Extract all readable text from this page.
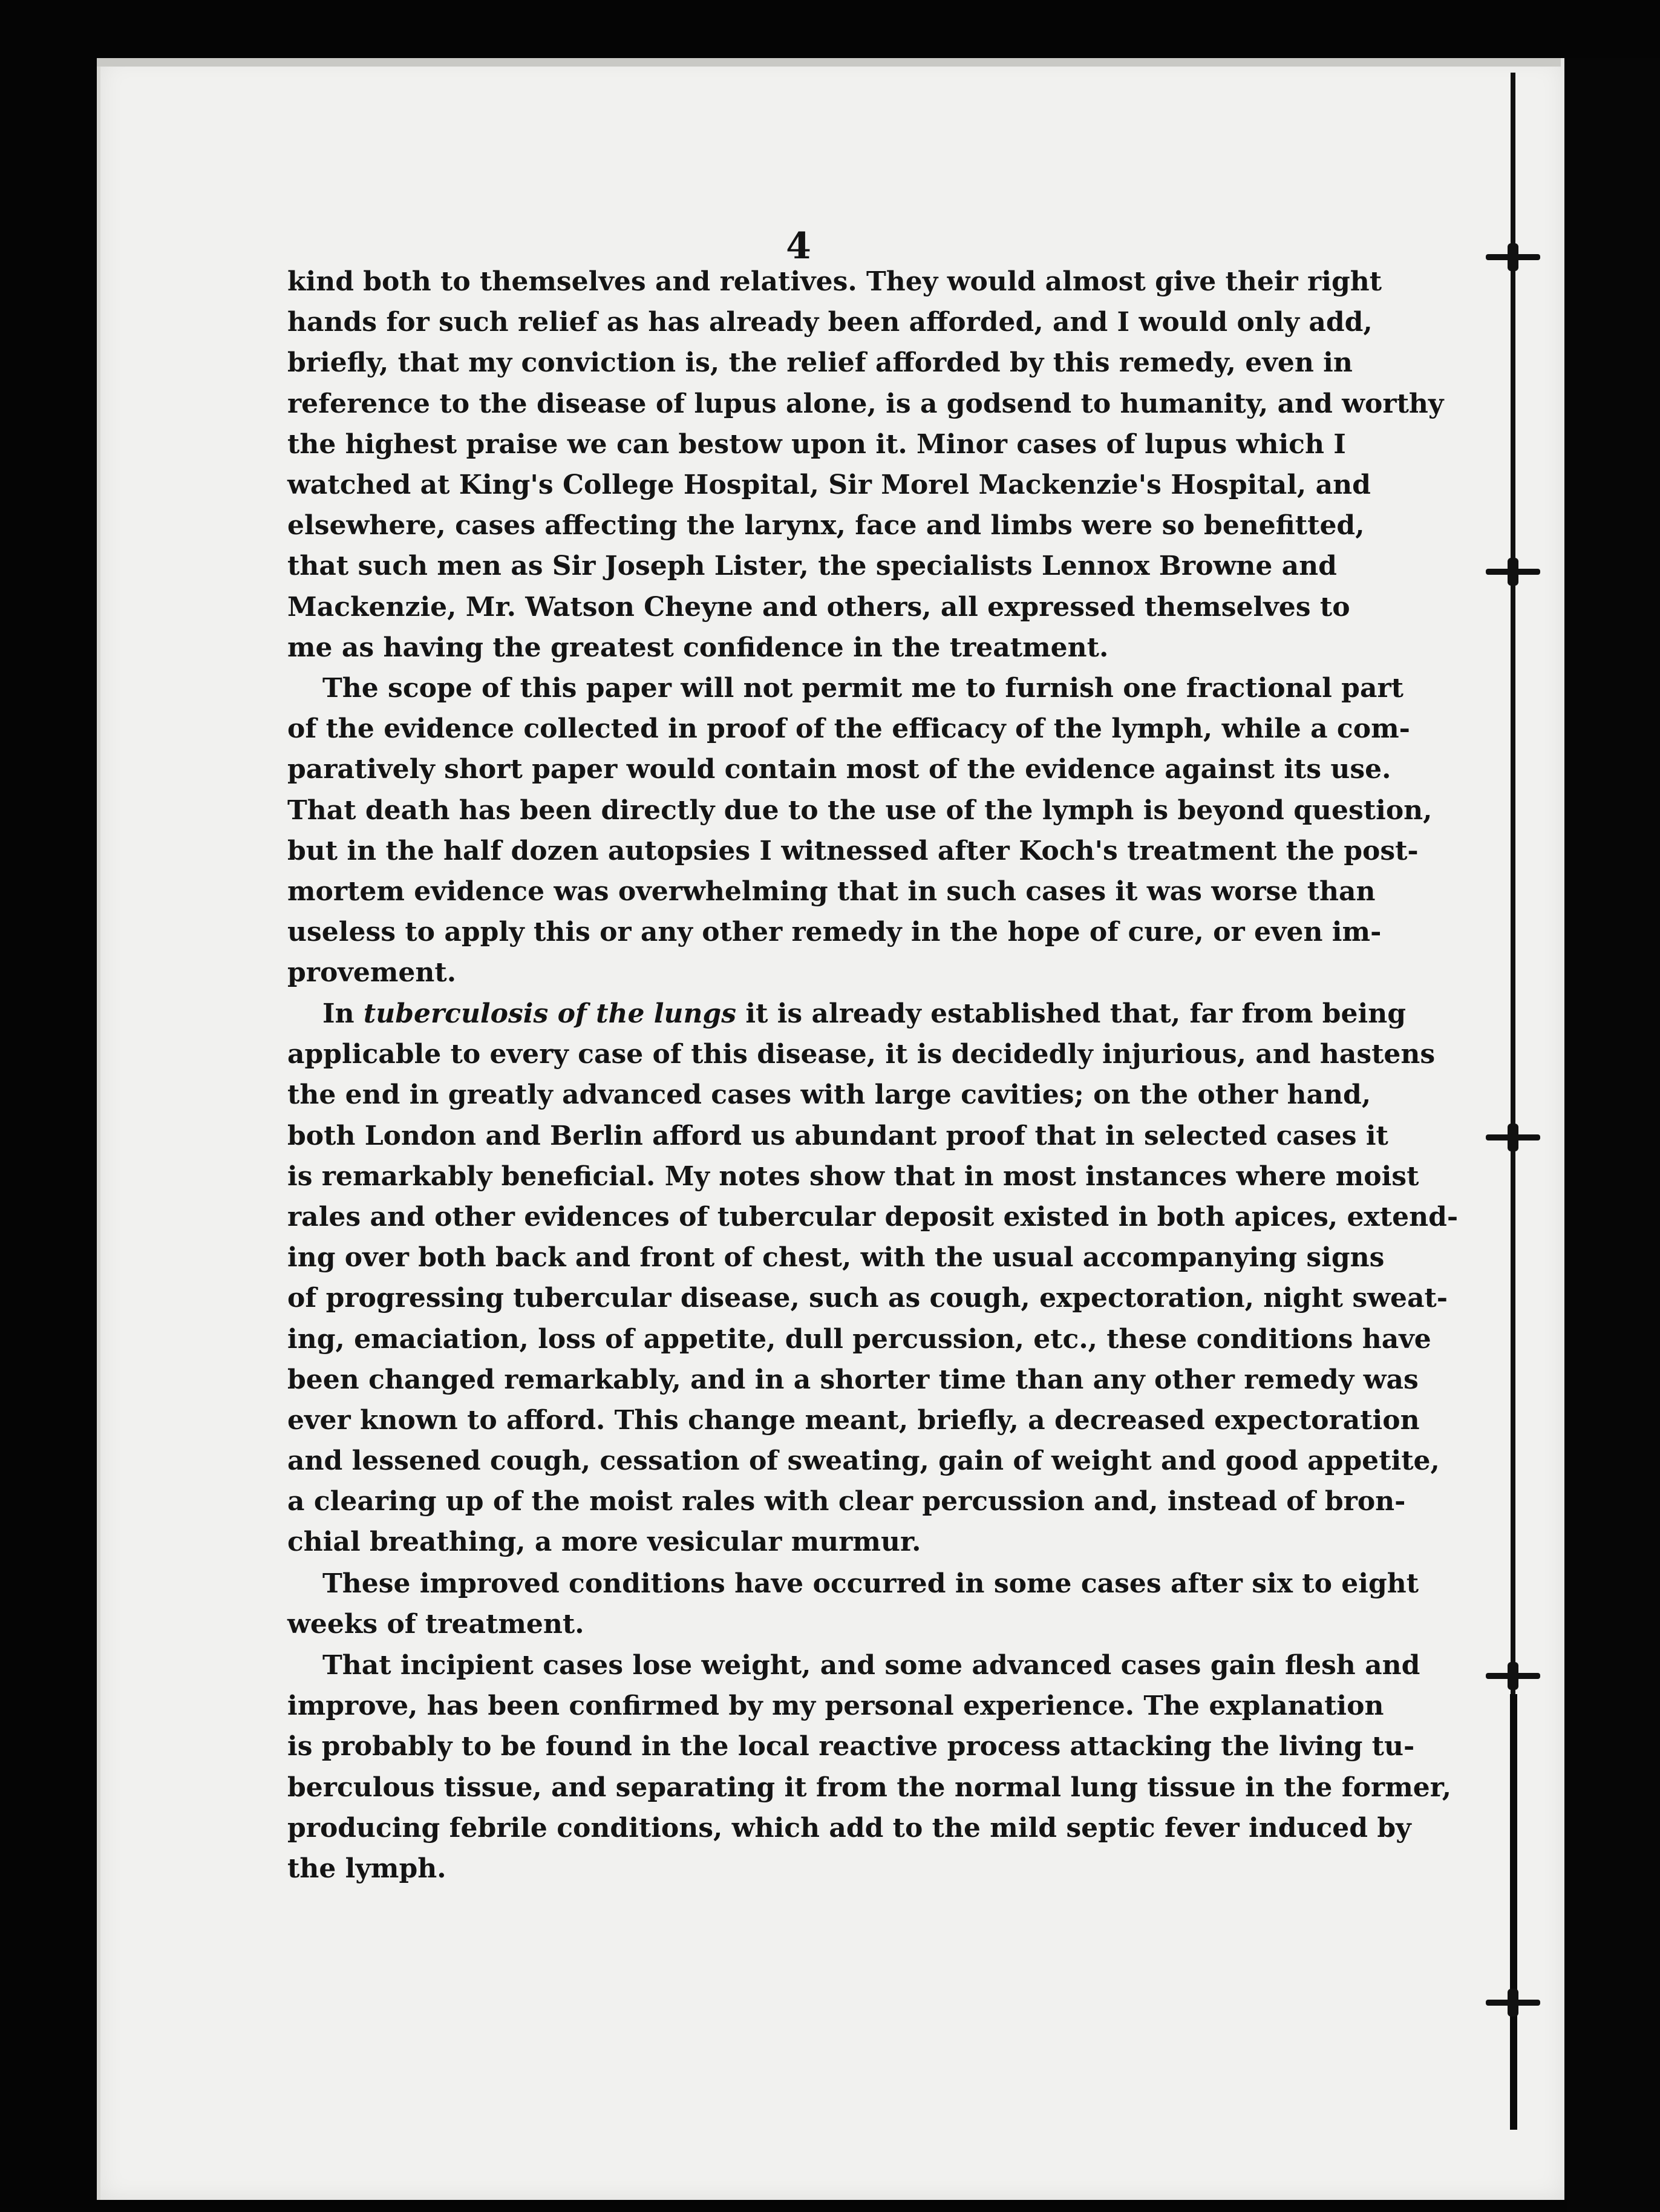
4
kind both to themselves and relatives. They would almost give their right
hands for such relief as has already been afforded, and I would only add,
briefly, that my conviction is, the relief afforded by this remedy, even in
reference to the disease of lupus alone, is a godsend to humanity, and worthy
the highest praise we can bestow upon it. Minor cases of lupus which I
watched at King's College Hospital, Sir Morel Mackenzie's Hospital, and
elsewhere, cases affecting the larynx, face and limbs were so benefitted,
that such men as Sir Joseph Lister, the specialists Lennox Browne and
Mackenzie, Mr. Watson Cheyne and others, all expressed themselves to
me as having the greatest confidence in the treatment.
The scope of this paper will not permit me to furnish one fractional part
of the evidence collected in proof of the efficacy of the lymph, while a com-
paratively short paper would contain most of the evidence against its use.
That death has been directly due to the use of the lymph is beyond question,
but in the half dozen autopsies I witnessed after Koch's treatment the post-
mortem evidence was overwhelming that in such cases it was worse than
useless to apply this or any other remedy in the hope of cure, or even im-
provement.
In tuberculosis of the lungs it is already established that, far from being
applicable to every case of this disease, it is decidedly injurious, and hastens
the end in greatly advanced cases with large cavities; on the other hand,
both London and Berlin afford us abundant proof that in selected cases it
is remarkably beneficial. My notes show that in most instances where moist
rales and other evidences of tubercular deposit existed in both apices, extend-
ing over both back and front of chest, with the usual accompanying signs
of progressing tubercular disease, such as cough, expectoration, night sweat-
ing, emaciation, loss of appetite, dull percussion, etc., these conditions have
been changed remarkably, and in a shorter time than any other remedy was
ever known to afford. This change meant, briefly, a decreased expectoration
and lessened cough, cessation of sweating, gain of weight and good appetite,
a clearing up of the moist rales with clear percussion and, instead of bron-
chial breathing, a more vesicular murmur.
These improved conditions have occurred in some cases after six to eight
weeks of treatment.
That incipient cases lose weight, and some advanced cases gain flesh and
improve, has been confirmed by my personal experience. The explanation
is probably to be found in the local reactive process attacking the living tu-
berculous tissue, and separating it from the normal lung tissue in the former,
producing febrile conditions, which add to the mild septic fever induced by
the lymph.
